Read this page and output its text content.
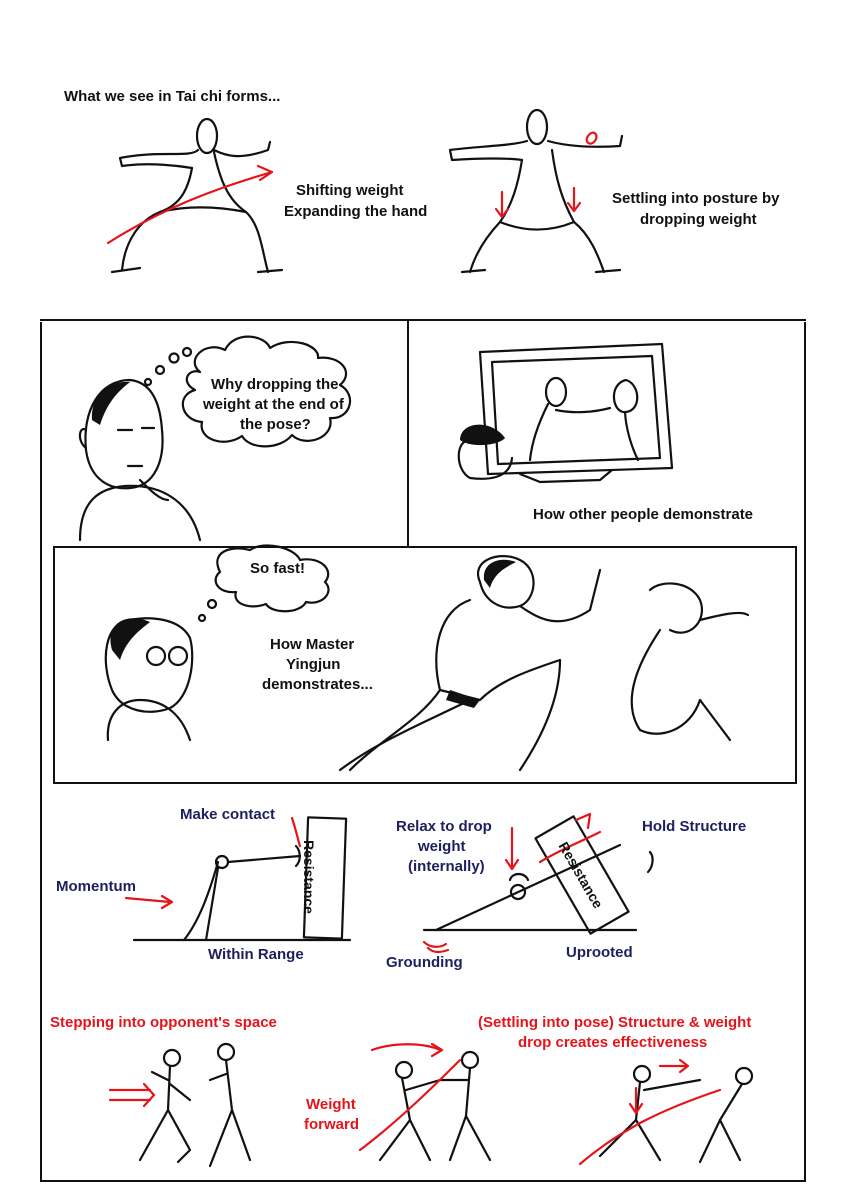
What we see in Tai chi forms...
Shifting weight
Expanding the hand
Settling into posture by
dropping weight
Why dropping the
weight at the end of
the pose?
How other people demonstrate
So fast!
How Master
Yingjun
demonstrates...
Make contact
Momentum
Within Range
Resistance
Relax to drop
weight
(internally)
Hold Structure
Resistance
Grounding
Uprooted
Stepping into opponent's space
Weight
forward
(Settling into pose) Structure & weight
drop creates effectiveness
